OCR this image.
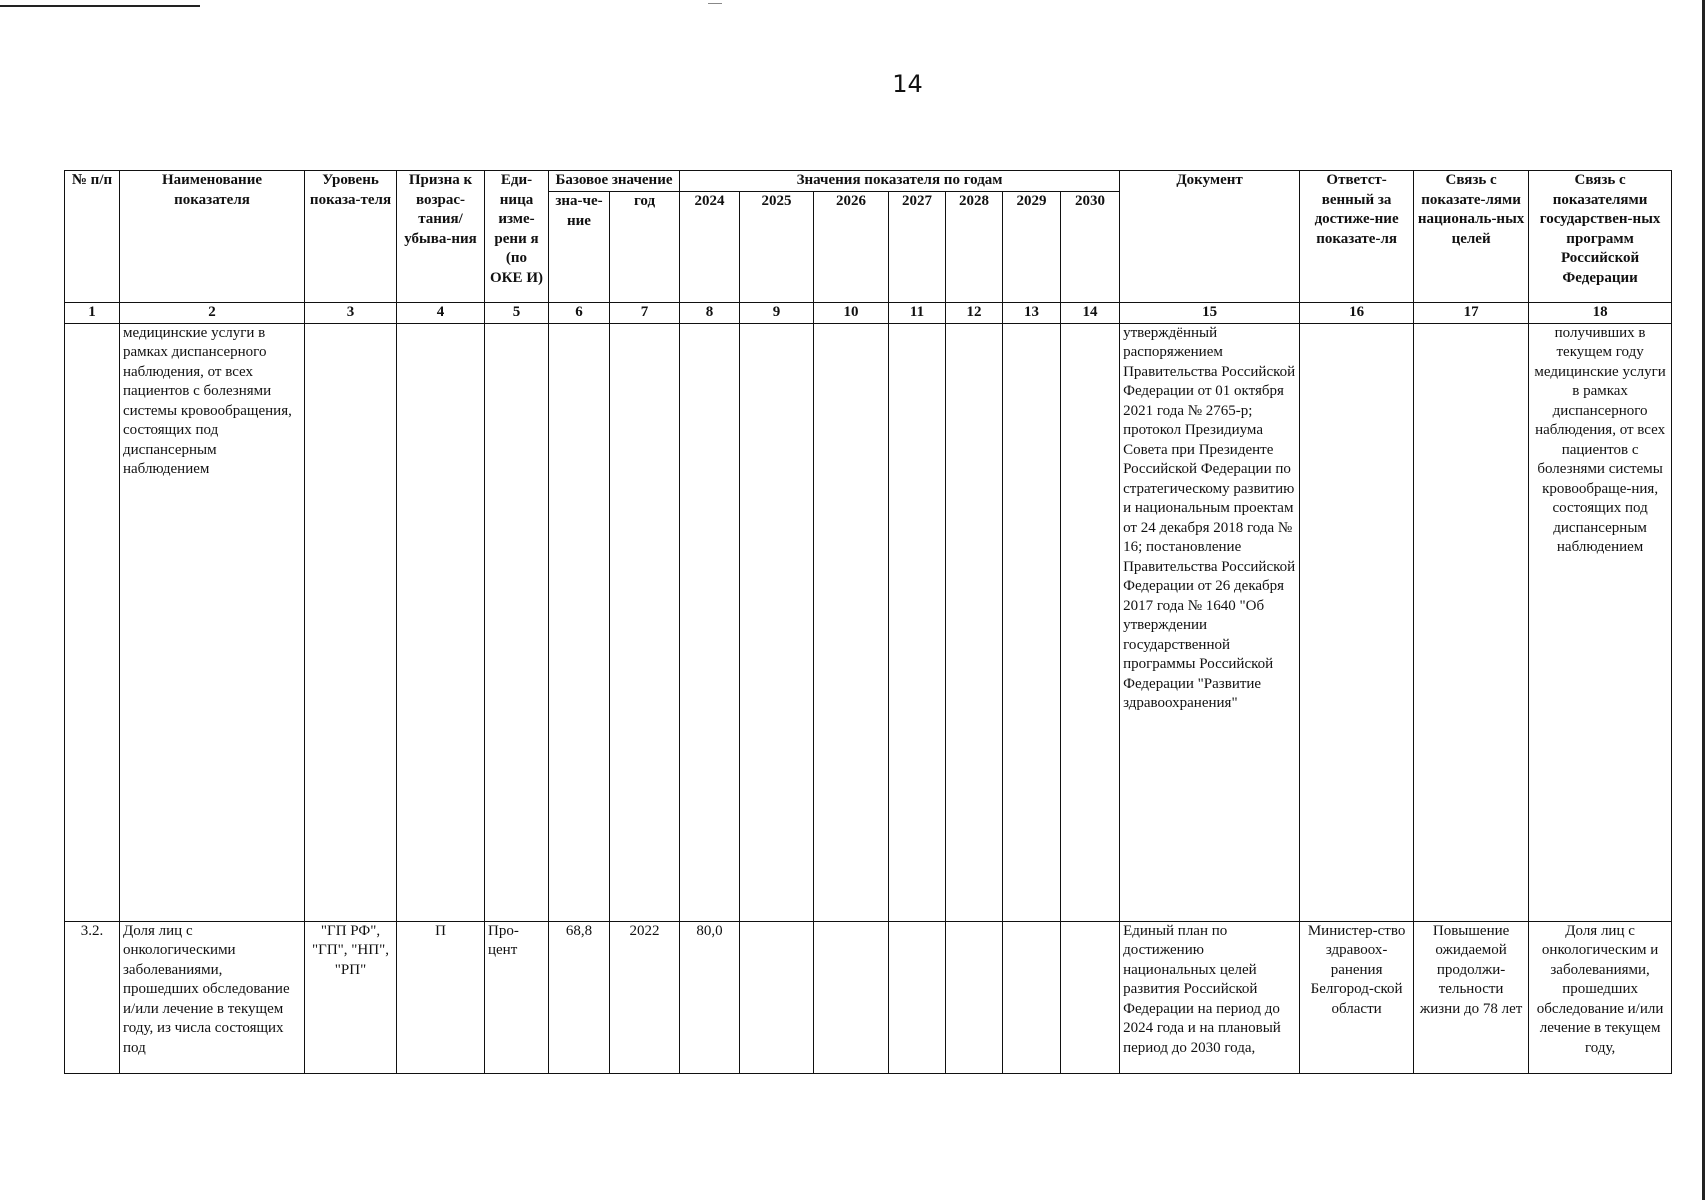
14
№ п/п	Наименование показателя	Уровень показа-теля	Призна к возрас-тания/ убыва-ния	Еди-ница изме-рени я (по ОКЕ И)	Базовое значение		Значения показателя по годам							Документ	Ответст-венный за достиже-ние показате-ля	Связь с показате-лями националь-ных целей	Связь с показателями государствен-ных программ Российской Федерации
					зна-че-ние	год	2024	2025	2026	2027	2028	2029	2030				

1	2	3	4	5	6	7	8	9	10	11	12	13	14	15	16	17	18
	медицинские услуги в рамках диспансерного наблюдения, от всех пациентов с болезнями системы кровообращения, состоящих под диспансерным наблюдением													утверждённый распоряжением Правительства Российской Федерации от 01 октября 2021 года № 2765-р; протокол Президиума Совета при Президенте Российской Федерации по стратегическому развитию и национальным проектам от 24 декабря 2018 года № 16; постановление Правительства Российской Федерации от 26 декабря 2017 года № 1640 "Об утверждении государственной программы Российской Федерации "Развитие здравоохранения"			получивших в текущем году медицинские услуги в рамках диспансерного наблюдения, от всех пациентов с болезнями системы кровообраще-ния, состоящих под диспансерным наблюдением
3.2.	Доля лиц с онкологическими заболеваниями, прошедших обследование и/или лечение в текущем году, из числа состоящих под	"ГП РФ", "ГП", "НП", "РП"	П	Про-цент	68,8	2022	80,0							Единый план по достижению национальных целей развития Российской Федерации на период до 2024 года и на плановый период до 2030 года,	Министер-ство здравоох-ранения Белгород-ской области	Повышение ожидаемой продолжи-тельности жизни до 78 лет	Доля лиц с онкологическим и заболеваниями, прошедших обследование и/или лечение в текущем году,
